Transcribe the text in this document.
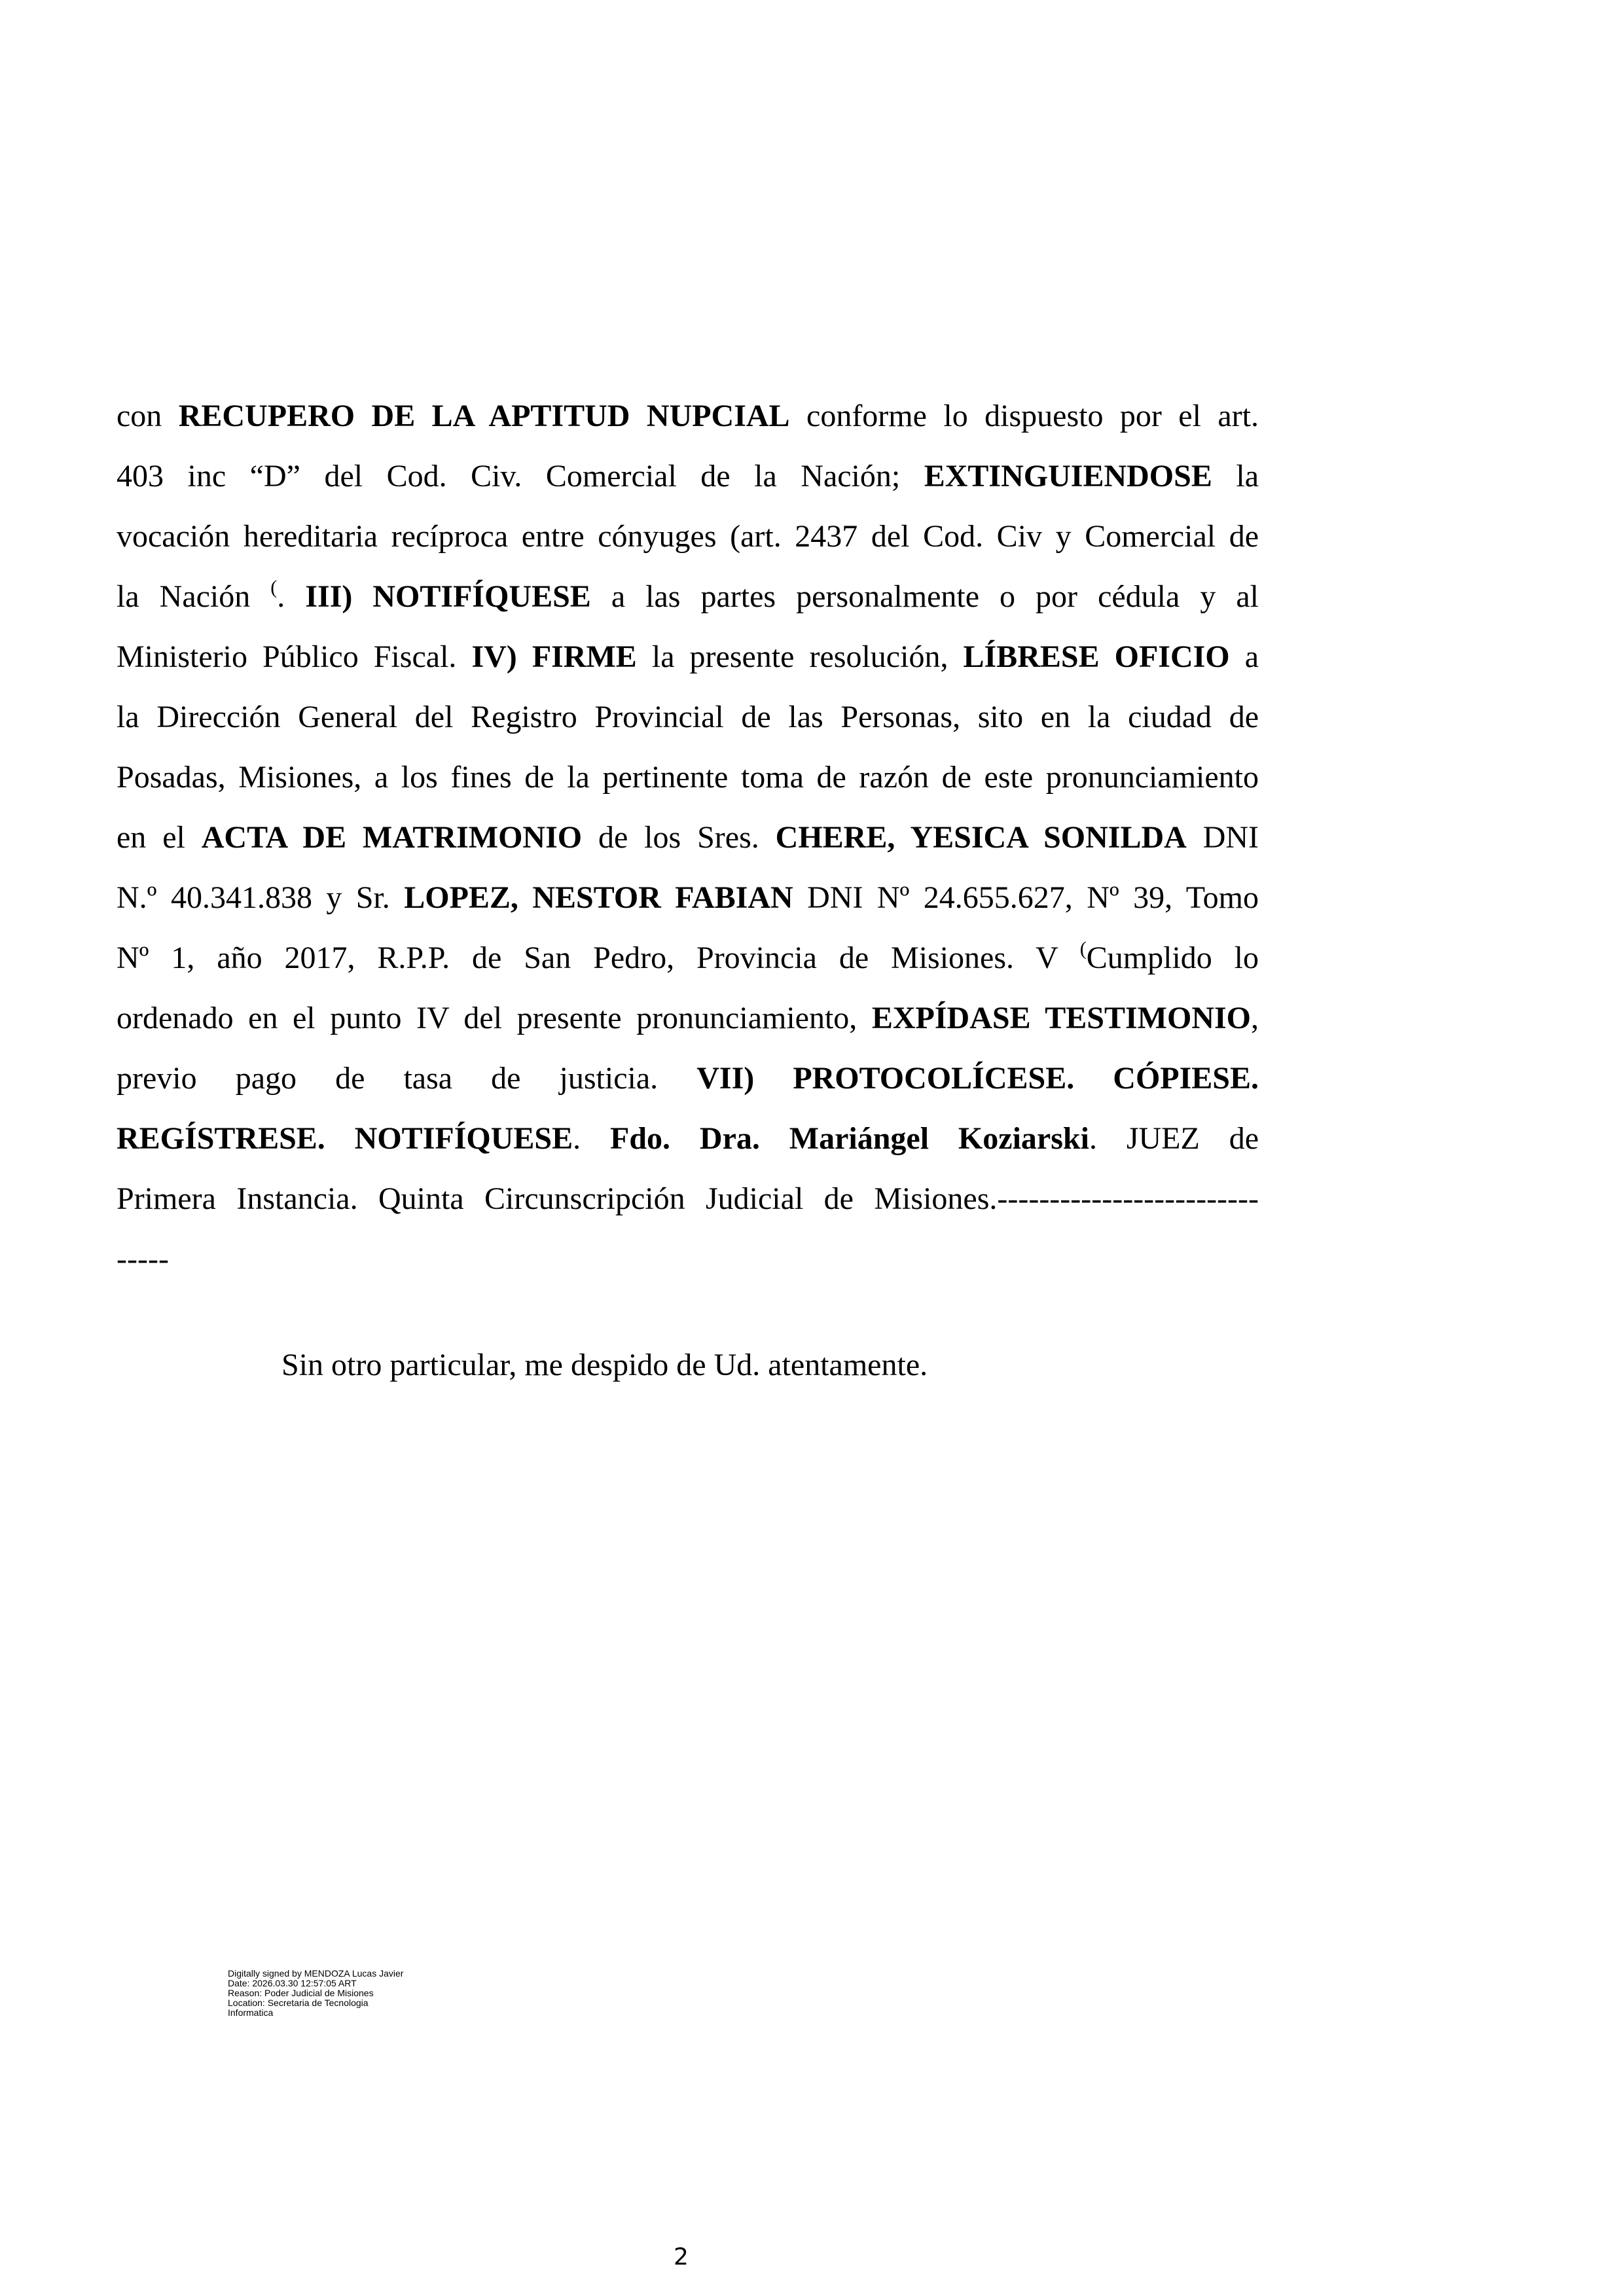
con RECUPERO DE LA APTITUD NUPCIAL conforme lo dispuesto por el art.
403 inc “D” del Cod. Civ. Comercial de la Nación; EXTINGUIENDOSE la
vocación hereditaria recíproca entre cónyuges (art. 2437 del Cod. Civ y Comercial de
la Nación (. III) NOTIFÍQUESE a las partes personalmente o por cédula y al
Ministerio Público Fiscal. IV) FIRME la presente resolución, LÍBRESE OFICIO a
la Dirección General del Registro Provincial de las Personas, sito en la ciudad de
Posadas, Misiones, a los fines de la pertinente toma de razón de este pronunciamiento
en el ACTA DE MATRIMONIO de los Sres. CHERE, YESICA SONILDA DNI
N.º 40.341.838 y Sr. LOPEZ, NESTOR FABIAN DNI Nº 24.655.627, Nº 39, Tomo
Nº 1, año 2017, R.P.P. de San Pedro, Provincia de Misiones. V (Cumplido lo
ordenado en el punto IV del presente pronunciamiento, EXPÍDASE TESTIMONIO,
previo pago de tasa de justicia. VII) PROTOCOLÍCESE. CÓPIESE.
REGÍSTRESE. NOTIFÍQUESE. Fdo. Dra. Mariángel Koziarski. JUEZ de
Primera Instancia. Quinta Circunscripción Judicial de Misiones.-------------------------
-----
Sin otro particular, me despido de Ud. atentamente.
Digitally signed by MENDOZA Lucas Javier
Date: 2026.03.30 12:57:05 ART
Reason: Poder Judicial de Misiones
Location: Secretaria de Tecnologia
Informatica
2
